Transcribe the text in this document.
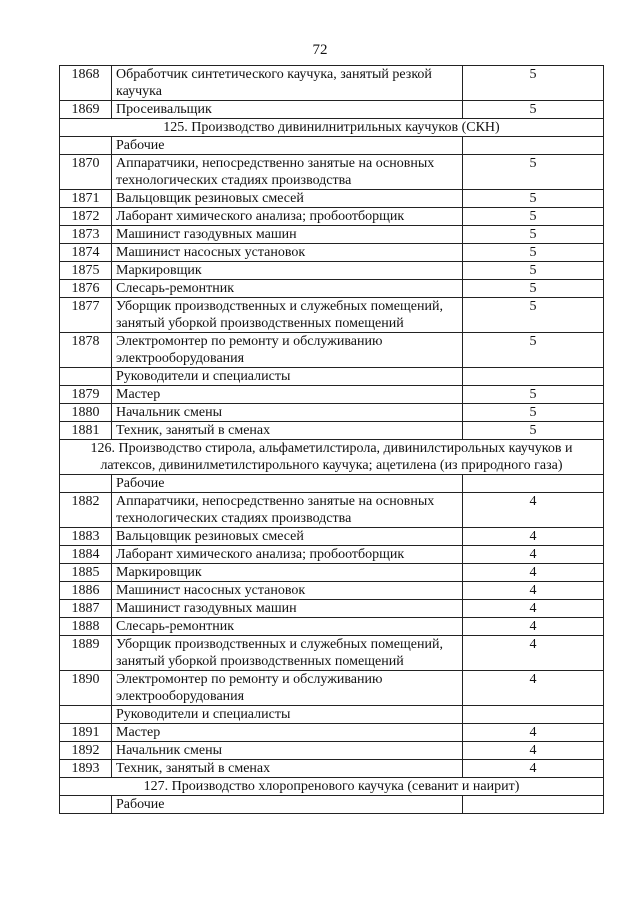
72
1868	Обработчик синтетического каучука, занятый резкой каучука	5
1869	Просеивальщик	5
125. Производство дивинилнитрильных каучуков (СКН)		
	Рабочие	
1870	Аппаратчики, непосредственно занятые на основных технологических стадиях производства	5
1871	Вальцовщик резиновых смесей	5
1872	Лаборант химического анализа; пробоотборщик	5
1873	Машинист газодувных машин	5
1874	Машинист насосных установок	5
1875	Маркировщик	5
1876	Слесарь-ремонтник	5
1877	Уборщик производственных и служебных помещений, занятый уборкой производственных помещений	5
1878	Электромонтер по ремонту и обслуживанию электрооборудования	5
	Руководители и специалисты	
1879	Мастер	5
1880	Начальник смены	5
1881	Техник, занятый в сменах	5
126. Производство стирола, альфаметилстирола, дивинилстирольных каучуков и латексов, дивинилметилстирольного каучука; ацетилена (из природного газа)		
	Рабочие	
1882	Аппаратчики, непосредственно занятые на основных технологических стадиях производства	4
1883	Вальцовщик резиновых смесей	4
1884	Лаборант химического анализа; пробоотборщик	4
1885	Маркировщик	4
1886	Машинист насосных установок	4
1887	Машинист газодувных машин	4
1888	Слесарь-ремонтник	4
1889	Уборщик производственных и служебных помещений, занятый уборкой производственных помещений	4
1890	Электромонтер по ремонту и обслуживанию электрооборудования	4
	Руководители и специалисты	
1891	Мастер	4
1892	Начальник смены	4
1893	Техник, занятый в сменах	4
127. Производство хлоропренового каучука (севанит и наирит)		
	Рабочие	
